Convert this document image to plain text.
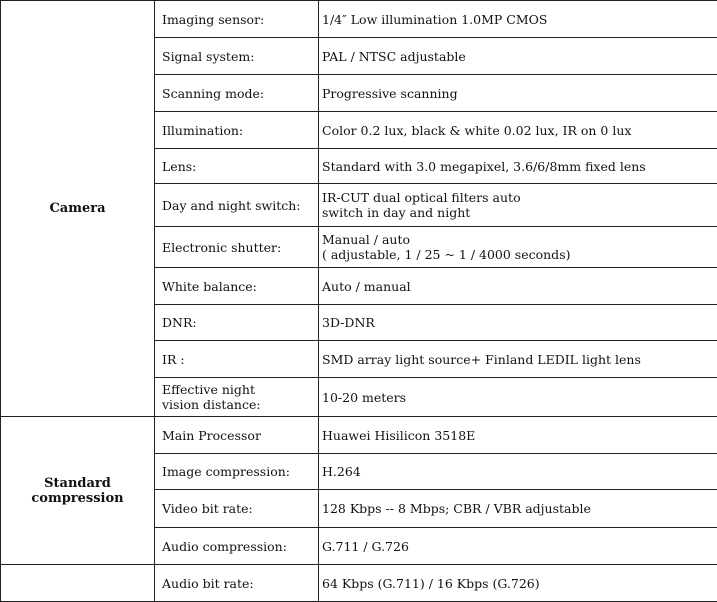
Camera	Imaging sensor:	1/4″ Low illumination 1.0MP CMOS
	Signal system:	PAL / NTSC adjustable
	Scanning mode:	Progressive scanning
	Illumination:	Color 0.2 lux, black & white 0.02 lux, IR on 0 lux
	Lens:	Standard with 3.0 megapixel, 3.6/6/8mm fixed lens
	Day and night switch:	IR-CUT dual optical filters auto
switch in day and night
	Electronic shutter:	Manual / auto
( adjustable, 1 / 25 ~ 1 / 4000 seconds)
	White balance:	Auto / manual
	DNR:	3D-DNR
	IR :	SMD array light source+ Finland LEDIL light lens
	Effective night
vision distance:	10-20 meters
Standard
compression	Main Processor	Huawei Hisilicon 3518E
	Image compression:	H.264
	Video bit rate:	128 Kbps -- 8 Mbps; CBR / VBR adjustable
	Audio compression:	G.711 / G.726
	Audio bit rate:	64 Kbps (G.711) / 16 Kbps (G.726)
